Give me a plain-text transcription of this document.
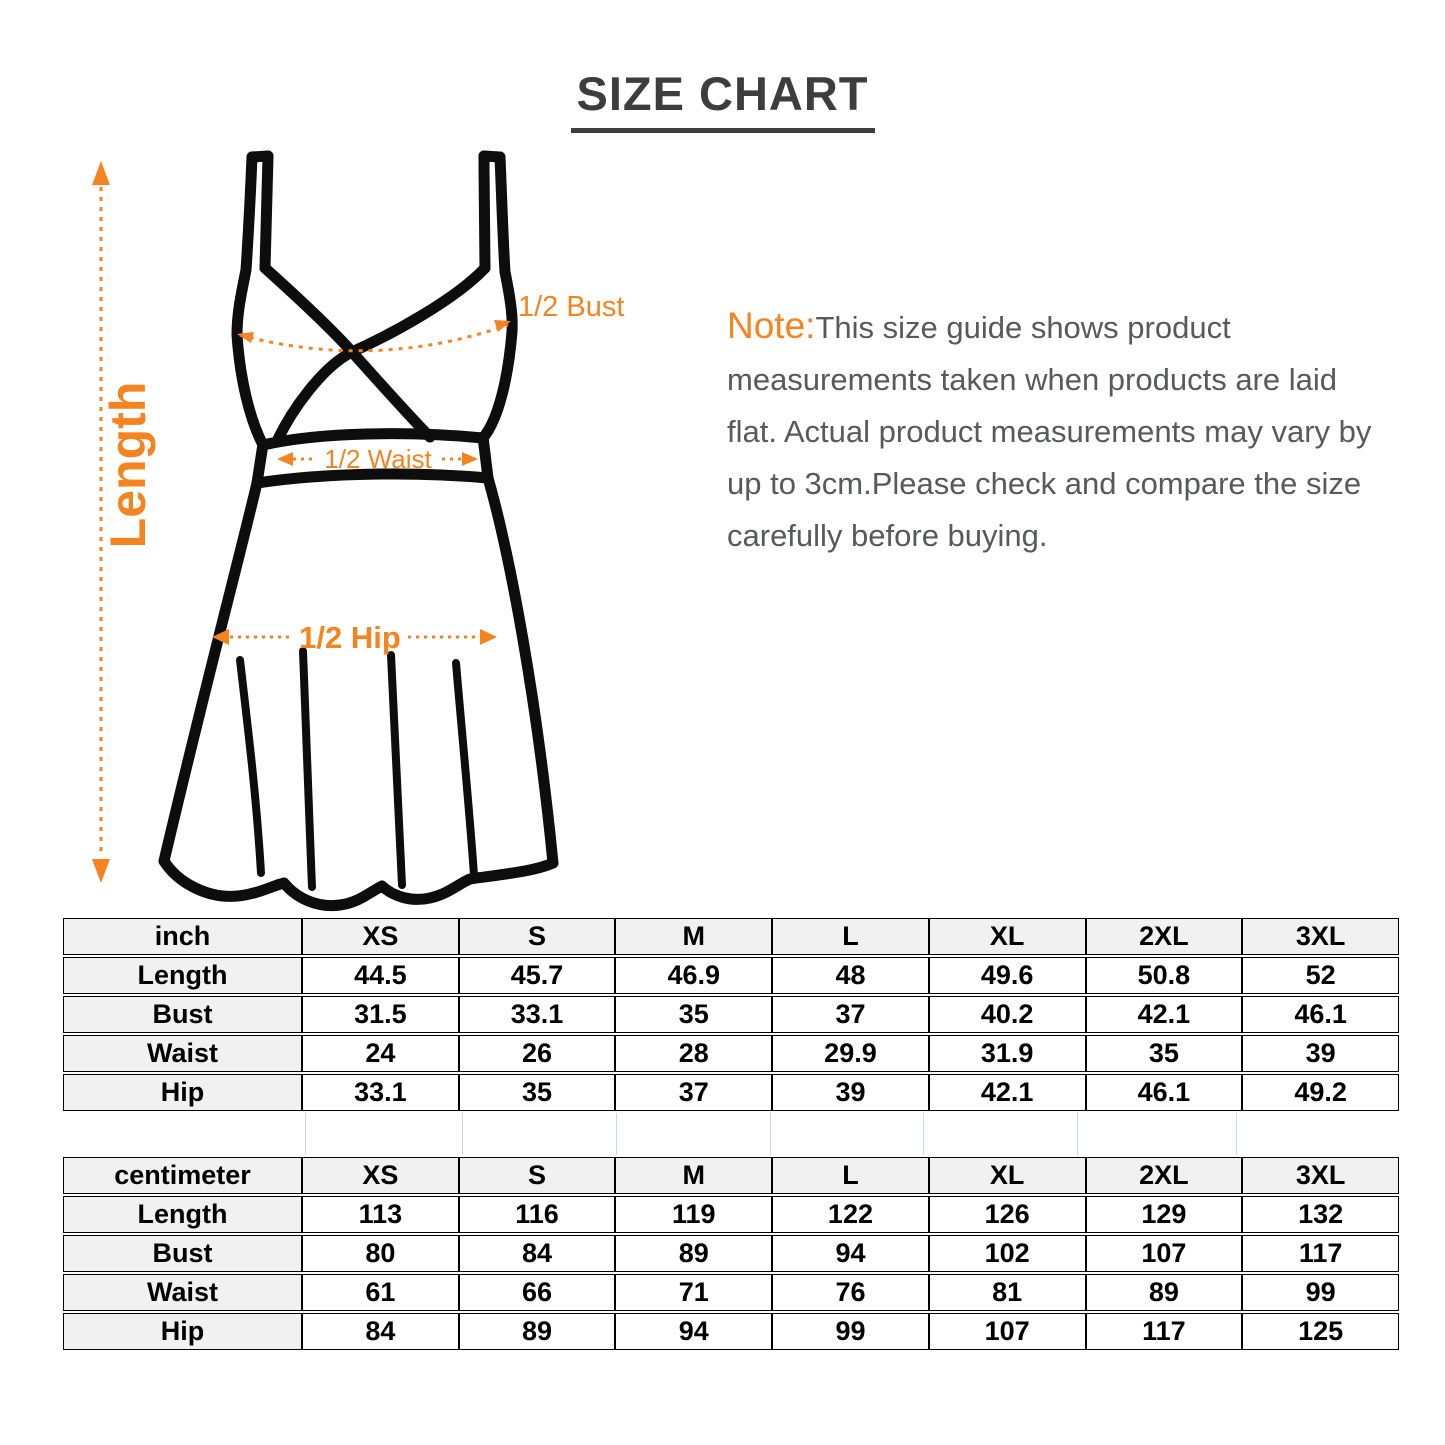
SIZE CHART
Length
1/2 Bust
1/2 Waist
1/2 Hip

Note:This size guide shows product measurements taken when products are laid flat. Actual product measurements may vary by up to 3cm.Please check and compare the size carefully before buying.

inch	XS	S	M	L	XL	2XL	3XL
Length	44.5	45.7	46.9	48	49.6	50.8	52
Bust	31.5	33.1	35	37	40.2	42.1	46.1
Waist	24	26	28	29.9	31.9	35	39
Hip	33.1	35	37	39	42.1	46.1	49.2
centimeter	XS	S	M	L	XL	2XL	3XL
Length	113	116	119	122	126	129	132
Bust	80	84	89	94	102	107	117
Waist	61	66	71	76	81	89	99
Hip	84	89	94	99	107	117	125
